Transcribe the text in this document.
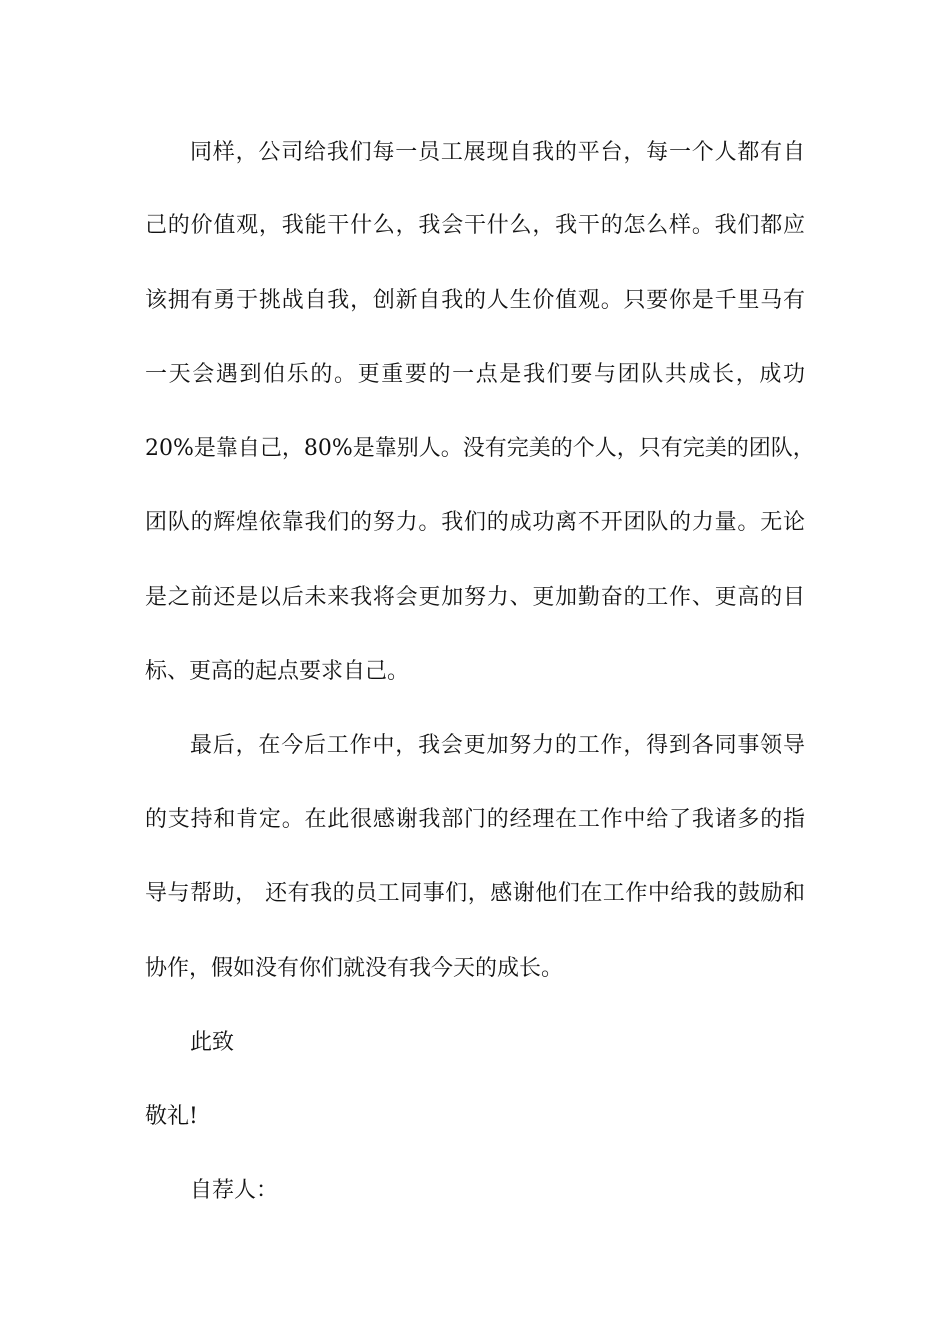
同样，公司给我们每一员工展现自我的平台，每一个人都有自
己的价值观，我能干什么，我会干什么，我干的怎么样。我们都应
该拥有勇于挑战自我，创新自我的人生价值观。只要你是千里马有
一天会遇到伯乐的。更重要的一点是我们要与团队共成长，成功
20%是靠自己，80%是靠别人。没有完美的个人，只有完美的团队，
团队的辉煌依靠我们的努力。我们的成功离不开团队的力量。无论
是之前还是以后未来我将会更加努力、更加勤奋的工作、更高的目
标、更高的起点要求自己。
最后，在今后工作中，我会更加努力的工作，得到各同事领导
的支持和肯定。在此很感谢我部门的经理在工作中给了我诸多的指
导与帮助， 还有我的员工同事们，感谢他们在工作中给我的鼓励和
协作，假如没有你们就没有我今天的成长。
此致
敬礼!
自荐人：
